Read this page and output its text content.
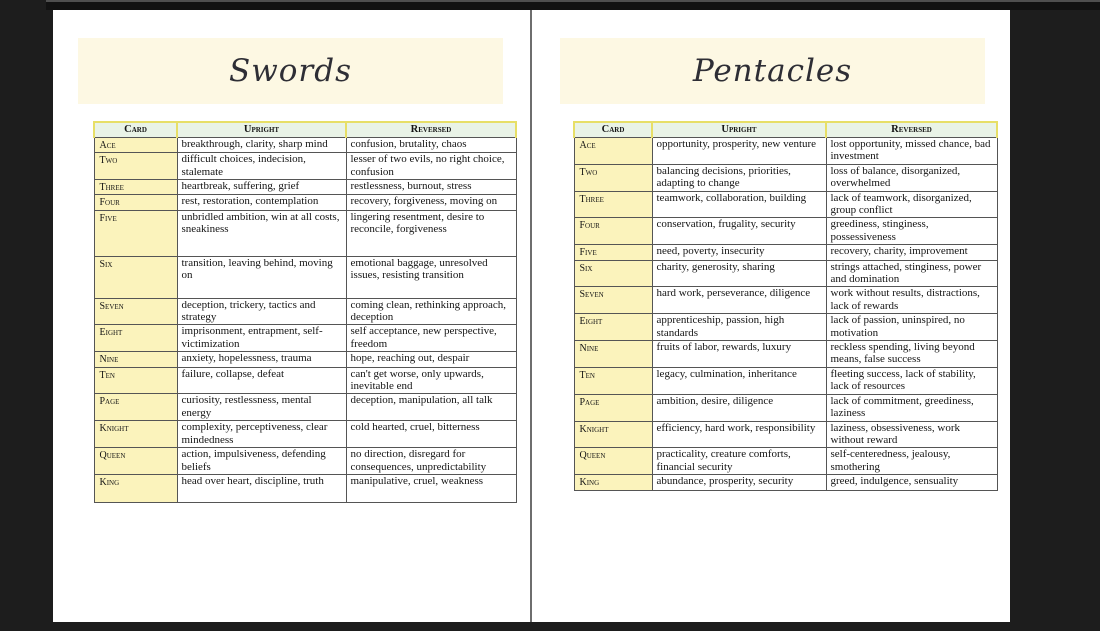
Swords
Card	Upright	Reversed
Ace	breakthrough, clarity, sharp mind	confusion, brutality, chaos
Two	difficult choices, indecision, stalemate	lesser of two evils, no right choice, confusion
Three	heartbreak, suffering, grief	restlessness, burnout, stress
Four	rest, restoration, contemplation	recovery, forgiveness, moving on
Five	unbridled ambition, win at all costs, sneakiness	lingering resentment, desire to reconcile, forgiveness
Six	transition, leaving behind, moving on	emotional baggage, unresolved issues, resisting transition
Seven	deception, trickery, tactics and strategy	coming clean, rethinking approach, deception
Eight	imprisonment, entrapment, self-victimization	self acceptance, new perspective, freedom
Nine	anxiety, hopelessness, trauma	hope, reaching out, despair
Ten	failure, collapse, defeat	can't get worse, only upwards, inevitable end
Page	curiosity, restlessness, mental energy	deception, manipulation, all talk
Knight	complexity, perceptiveness, clear mindedness	cold hearted, cruel, bitterness
Queen	action, impulsiveness, defending beliefs	no direction, disregard for consequences, unpredictability
King	head over heart, discipline, truth	manipulative, cruel, weakness
Pentacles
Card	Upright	Reversed
Ace	opportunity, prosperity, new venture	lost opportunity, missed chance, bad investment
Two	balancing decisions, priorities, adapting to change	loss of balance, disorganized, overwhelmed
Three	teamwork, collaboration, building	lack of teamwork, disorganized, group conflict
Four	conservation, frugality, security	greediness, stinginess, possessiveness
Five	need, poverty, insecurity	recovery, charity, improvement
Six	charity, generosity, sharing	strings attached, stinginess, power and domination
Seven	hard work, perseverance, diligence	work without results, distractions, lack of rewards
Eight	apprenticeship, passion, high standards	lack of passion, uninspired, no motivation
Nine	fruits of labor, rewards, luxury	reckless spending, living beyond means, false success
Ten	legacy, culmination, inheritance	fleeting success, lack of stability, lack of resources
Page	ambition, desire, diligence	lack of commitment, greediness, laziness
Knight	efficiency, hard work, responsibility	laziness, obsessiveness, work without reward
Queen	practicality, creature comforts, financial security	self-centeredness, jealousy, smothering
King	abundance, prosperity, security	greed, indulgence, sensuality
